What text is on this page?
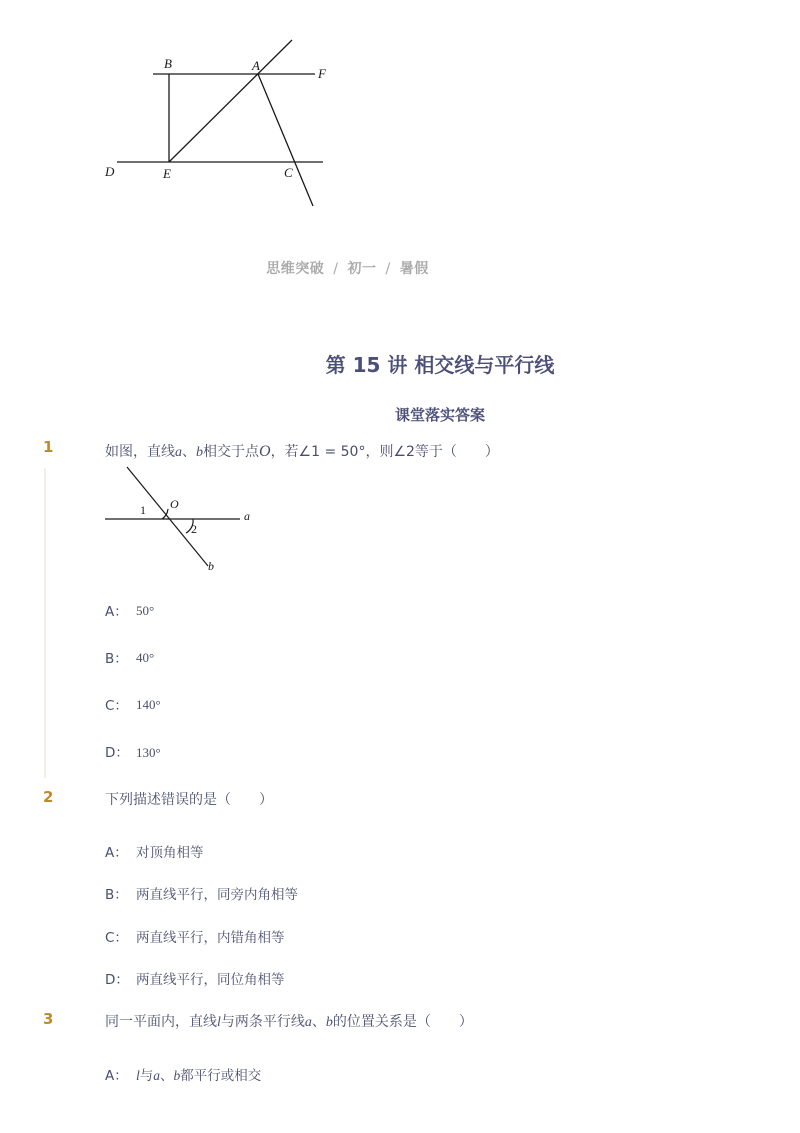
B	A
F
D	E	C
思维突破 / 初一 / 暑假
第 15 讲 相交线与平行线
课堂落实答案
1	如图，直线a、b相交于点O，若∠1 = 50°，则∠2等于（　　）
O
1
2
a
b
A： 50°
B： 40°
C： 140°
D： 130°
2	下列描述错误的是（　　）
A： 对顶角相等
B： 两直线平行，同旁内角相等
C： 两直线平行，内错角相等
D： 两直线平行，同位角相等
3	同一平面内，直线l与两条平行线a、b的位置关系是（　　）
A： l与a、b都平行或相交
